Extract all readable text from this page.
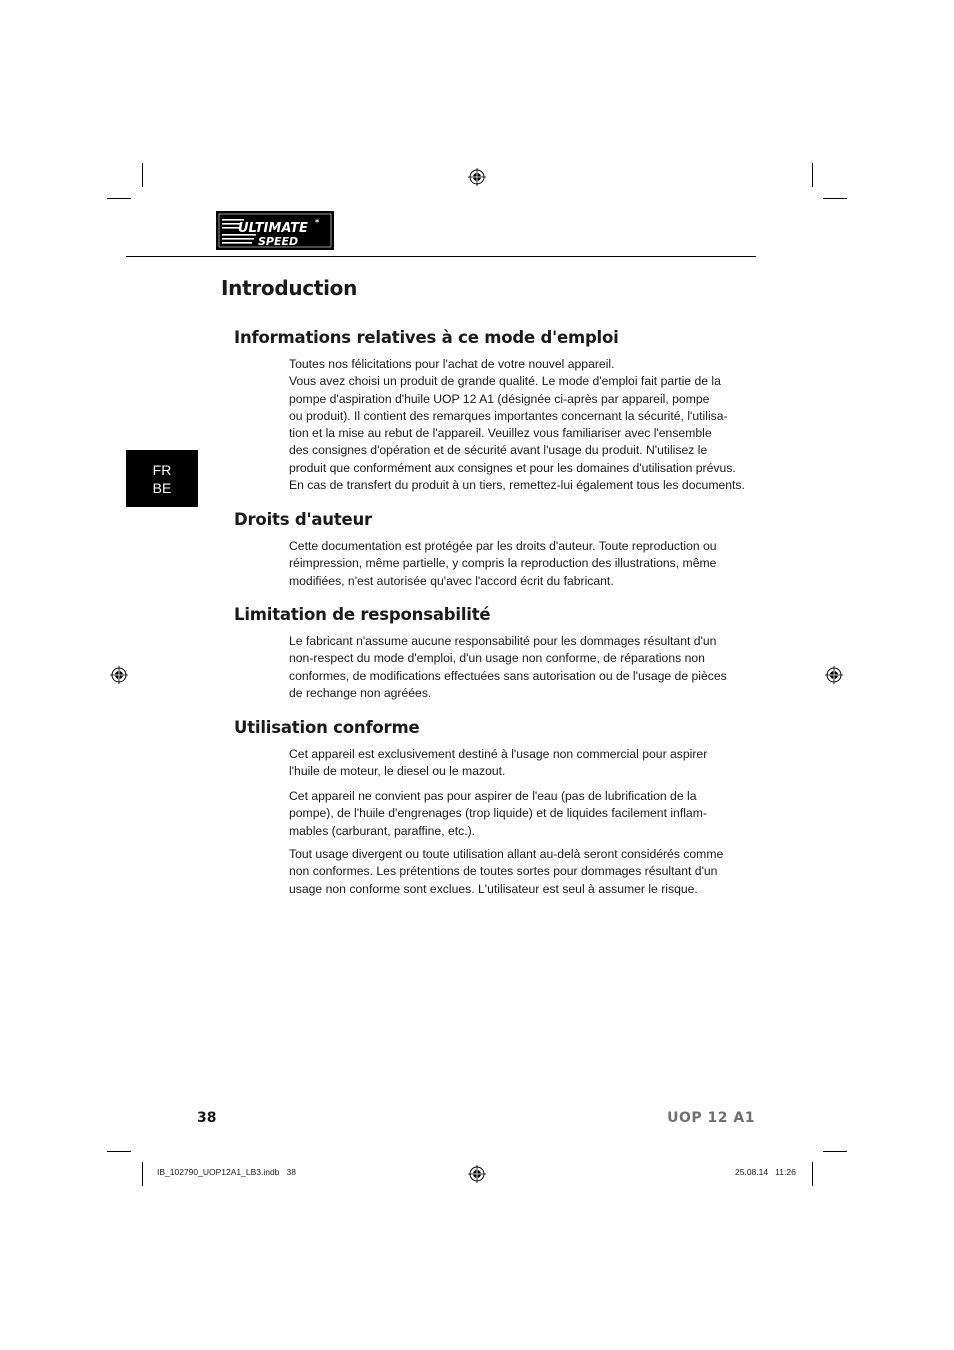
ULTIMATE *
SPEED
Introduction
FR
BE
Informations relatives à ce mode d'emploi
Toutes nos félicitations pour l'achat de votre nouvel appareil.
Vous avez choisi un produit de grande qualité. Le mode d'emploi fait partie de la
pompe d'aspiration d'huile UOP 12 A1 (désignée ci-après par appareil, pompe
ou produit). Il contient des remarques importantes concernant la sécurité, l'utilisa-
tion et la mise au rebut de l'appareil. Veuillez vous familiariser avec l'ensemble
des consignes d'opération et de sécurité avant l'usage du produit. N'utilisez le
produit que conformément aux consignes et pour les domaines d'utilisation prévus.
En cas de transfert du produit à un tiers, remettez-lui également tous les documents.
Droits d'auteur
Cette documentation est protégée par les droits d'auteur. Toute reproduction ou
réimpression, même partielle, y compris la reproduction des illustrations, même
modifiées, n'est autorisée qu'avec l'accord écrit du fabricant.
Limitation de responsabilité
Le fabricant n'assume aucune responsabilité pour les dommages résultant d'un
non-respect du mode d'emploi, d'un usage non conforme, de réparations non
conformes, de modifications effectuées sans autorisation ou de l'usage de pièces
de rechange non agréées.
Utilisation conforme
Cet appareil est exclusivement destiné à l'usage non commercial pour aspirer
l'huile de moteur, le diesel ou le mazout.
Cet appareil ne convient pas pour aspirer de l'eau (pas de lubrification de la
pompe), de l'huile d'engrenages (trop liquide) et de liquides facilement inflam-
mables (carburant, paraffine, etc.).
Tout usage divergent ou toute utilisation allant au-delà seront considérés comme
non conformes. Les prétentions de toutes sortes pour dommages résultant d'un
usage non conforme sont exclues. L'utilisateur est seul à assumer le risque.
38	UOP 12 A1
IB_102790_UOP12A1_LB3.indb   38	25.08.14   11:26
